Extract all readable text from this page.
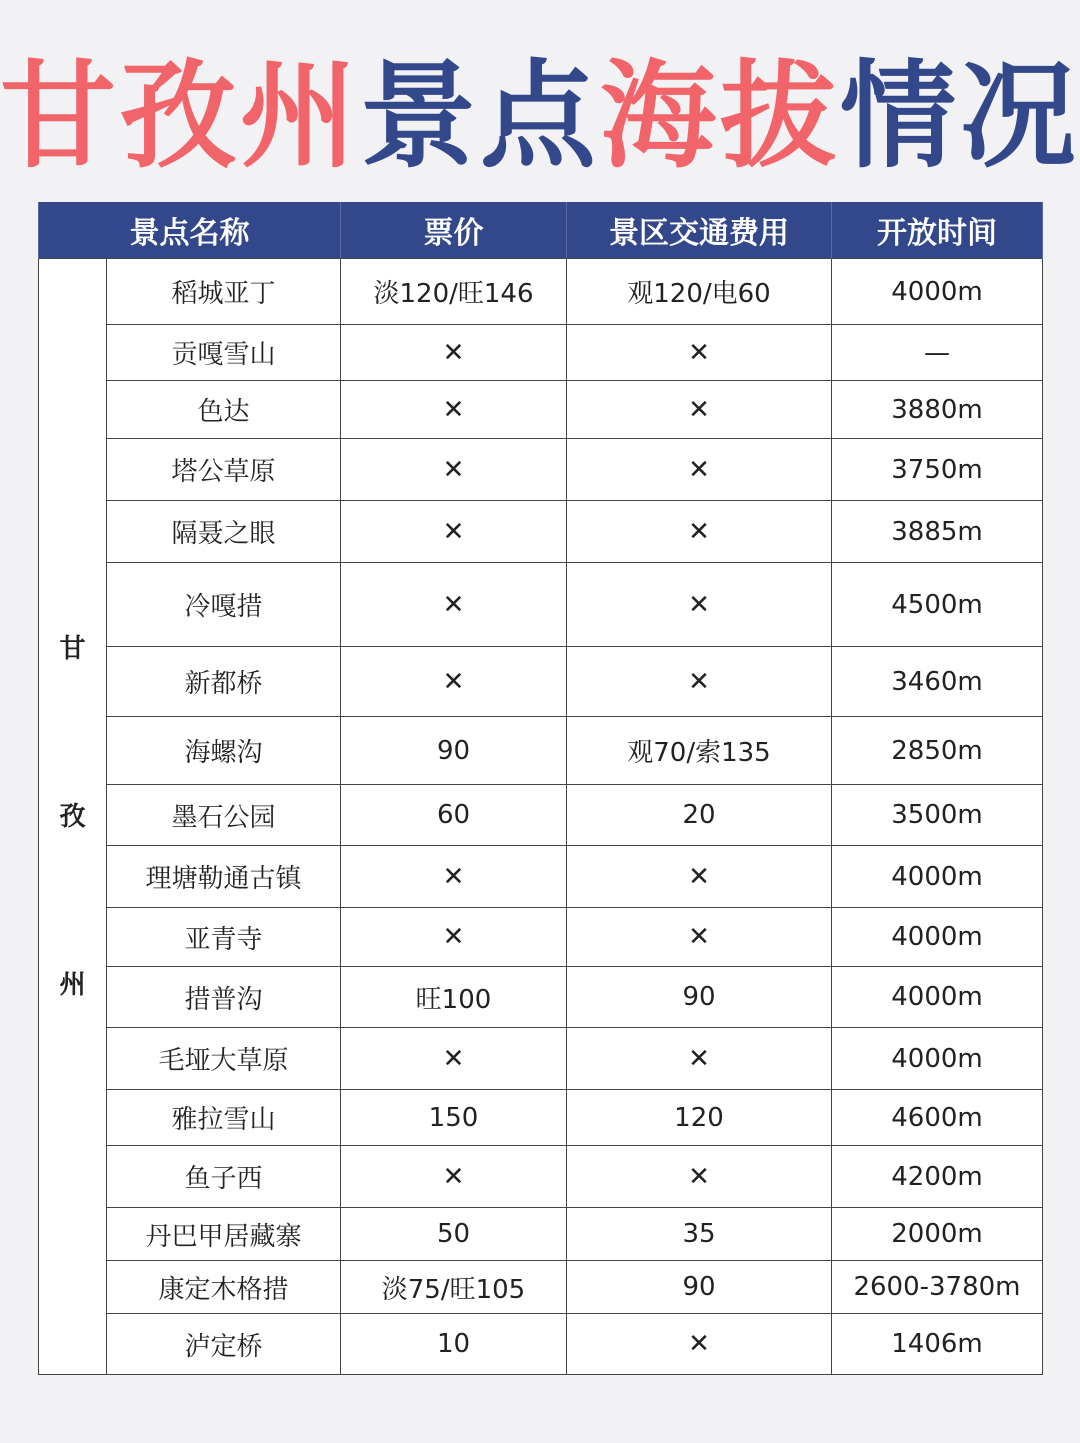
甘孜州景点海拔情况
景点名称		票价	景区交通费用	开放时间

甘
孜
州	稻城亚丁	淡120/旺146	观120/电60	4000m
	贡嘎雪山	✕	✕	—
	色达	✕	✕	3880m
	塔公草原	✕	✕	3750m
	隔聂之眼	✕	✕	3885m
	冷嘎措	✕	✕	4500m
	新都桥	✕	✕	3460m
	海螺沟	90	观70/索135	2850m
	墨石公园	60	20	3500m
	理塘勒通古镇	✕	✕	4000m
	亚青寺	✕	✕	4000m
	措普沟	旺100	90	4000m
	毛垭大草原	✕	✕	4000m
	雅拉雪山	150	120	4600m
	鱼子西	✕	✕	4200m
	丹巴甲居藏寨	50	35	2000m
	康定木格措	淡75/旺105	90	2600-3780m
	泸定桥	10	✕	1406m
